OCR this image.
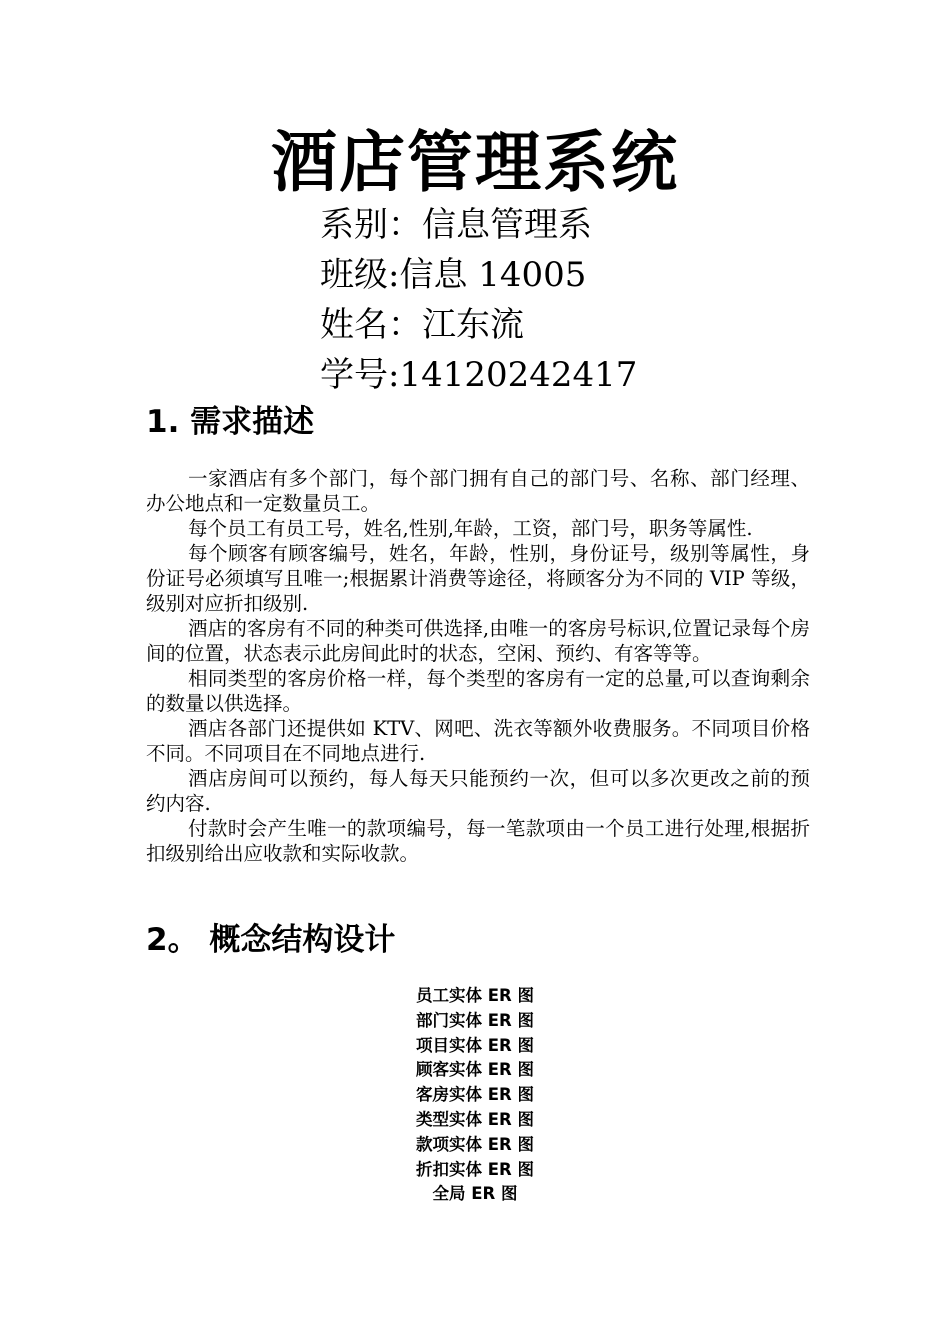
酒店管理系统
系别：信息管理系
班级:信息 14005
姓名：江东流
学号:14120242417
1. 需求描述

一家酒店有多个部门，每个部门拥有自己的部门号、名称、部门经理、办公地点和一定数量员工。

每个员工有员工号，姓名,性别,年龄，工资，部门号，职务等属性.

每个顾客有顾客编号，姓名，年龄，性别，身份证号，级别等属性，身份证号必须填写且唯一;根据累计消费等途径，将顾客分为不同的 VIP 等级，级别对应折扣级别.

酒店的客房有不同的种类可供选择,由唯一的客房号标识,位置记录每个房间的位置，状态表示此房间此时的状态，空闲、预约、有客等等。

相同类型的客房价格一样，每个类型的客房有一定的总量,可以查询剩余的数量以供选择。

酒店各部门还提供如 KTV、网吧、洗衣等额外收费服务。不同项目价格不同。不同项目在不同地点进行.

酒店房间可以预约，每人每天只能预约一次，但可以多次更改之前的预约内容.

付款时会产生唯一的款项编号，每一笔款项由一个员工进行处理,根据折扣级别给出应收款和实际收款。

2。 概念结构设计
员工实体 ER 图
部门实体 ER 图
项目实体 ER 图
顾客实体 ER 图
客房实体 ER 图
类型实体 ER 图
款项实体 ER 图
折扣实体 ER 图
全局 ER 图
